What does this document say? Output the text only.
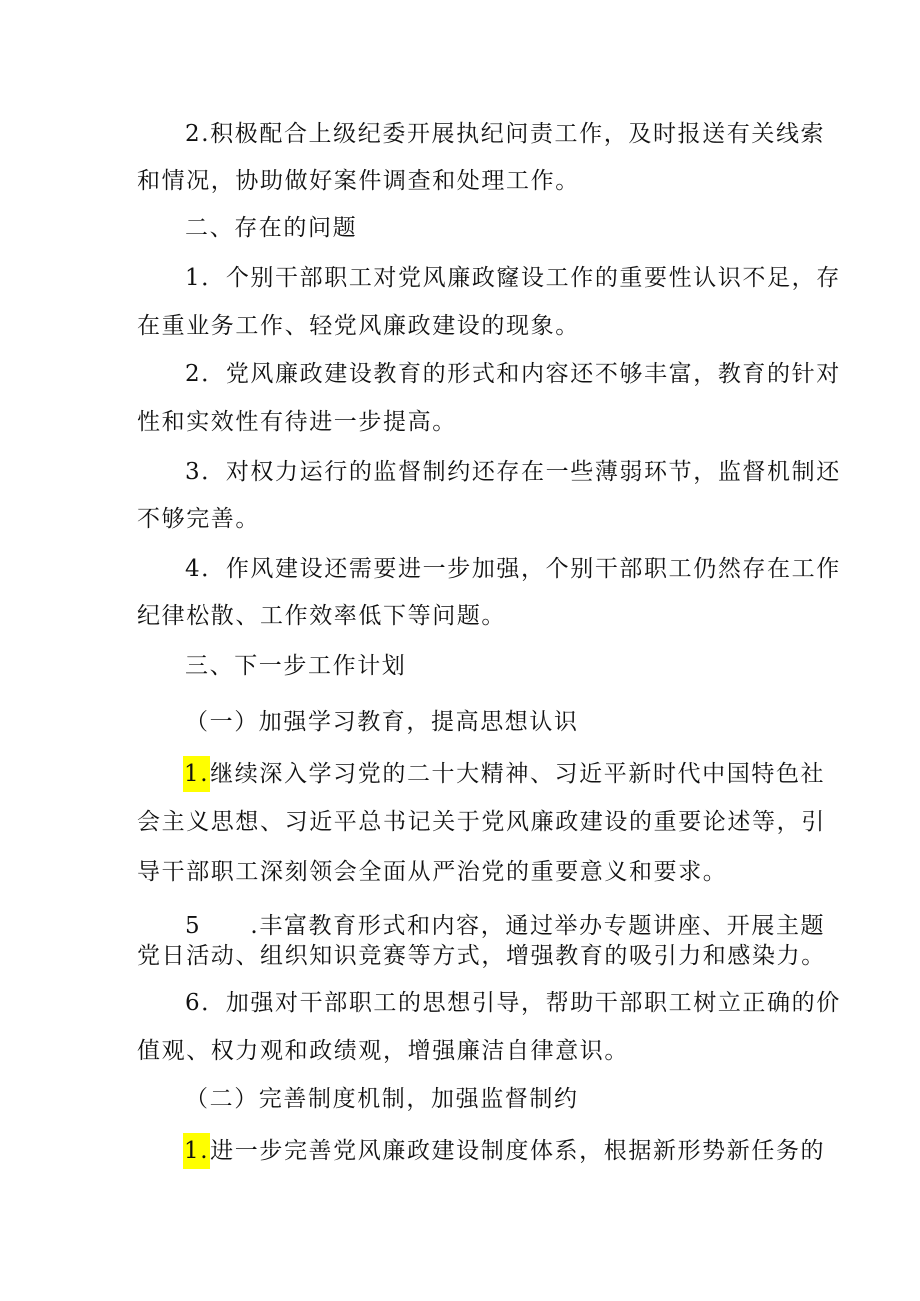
2.积极配合上级纪委开展执纪问责工作，及时报送有关线索
和情况，协助做好案件调查和处理工作。
二、存在的问题
1．个别干部职工对党风廉政窿设工作的重要性认识不足，存
在重业务工作、轻党风廉政建设的现象。
2．党风廉政建设教育的形式和内容还不够丰富，教育的针对
性和实效性有待进一步提高。
3．对权力运行的监督制约还存在一些薄弱环节，监督机制还
不够完善。
4．作风建设还需要进一步加强，个别干部职工仍然存在工作
纪律松散、工作效率低下等问题。
三、下一步工作计划
（一）加强学习教育，提高思想认识
1.继续深入学习党的二十大精神、习近平新时代中国特色社
会主义思想、习近平总书记关于党风廉政建设的重要论述等，引
导干部职工深刻领会全面从严治党的重要意义和要求。
5　　.丰富教育形式和内容，通过举办专题讲座、开展主题
党日活动、组织知识竞赛等方式，增强教育的吸引力和感染力。
6．加强对干部职工的思想引导，帮助干部职工树立正确的价
值观、权力观和政绩观，增强廉洁自律意识。
（二）完善制度机制，加强监督制约
1.进一步完善党风廉政建设制度体系，根据新形势新任务的
